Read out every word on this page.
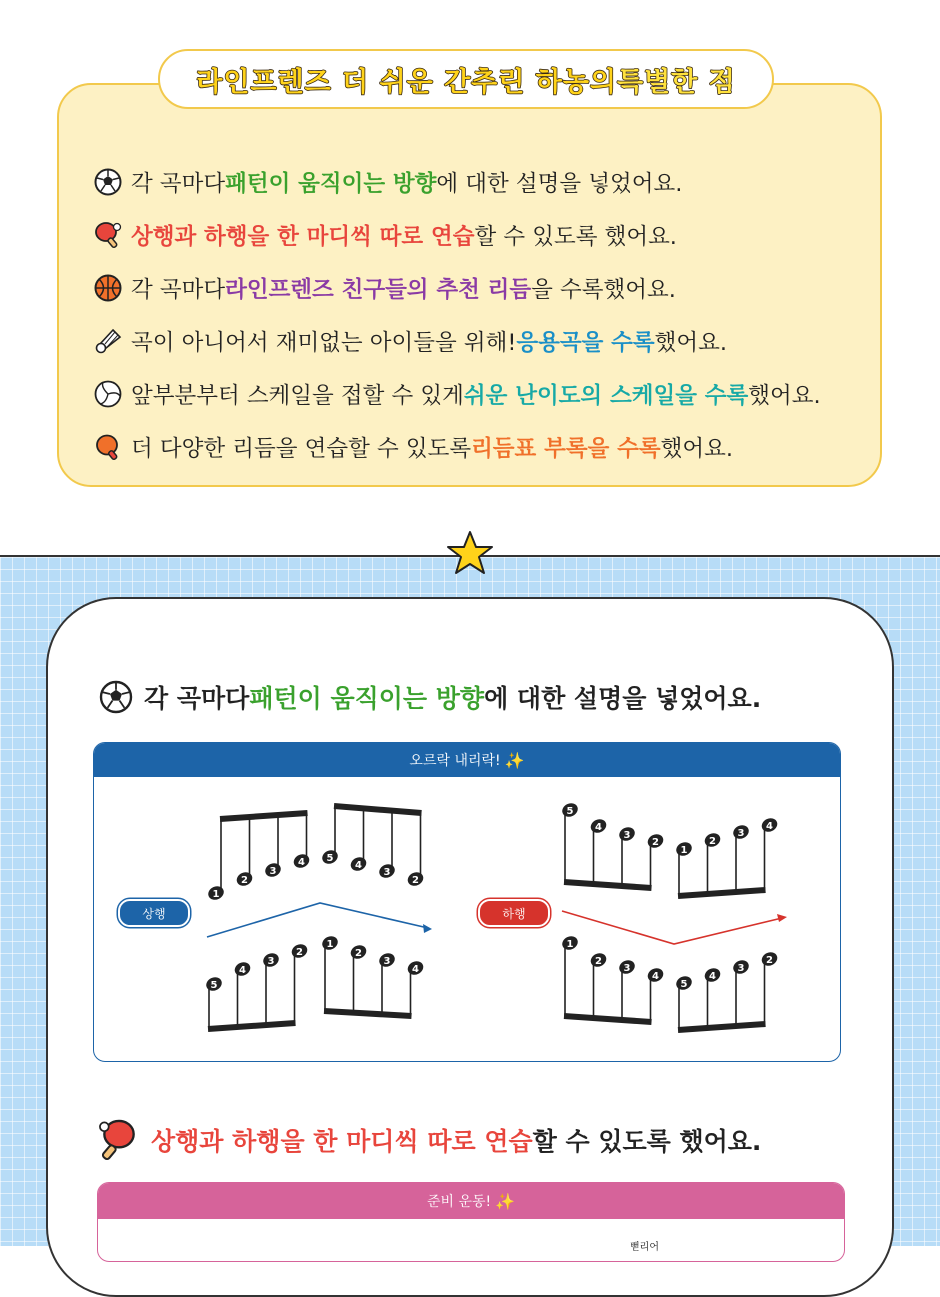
라인프렌즈 더 쉬운 간추린 하농의 특별한 점
각 곡마다 패턴이 움직이는 방향 에 대한 설명을 넣었어요.
상행과 하행을 한 마디씩 따로 연습 할 수 있도록 했어요.
각 곡마다 라인프렌즈 친구들의 추천 리듬 을 수록했어요.
곡이 아니어서 재미없는 아이들을 위해! 응용곡을 수록 했어요.
앞부분부터 스케일을 접할 수 있게 쉬운 난이도의 스케일을 수록 했어요.
더 다양한 리듬을 연습할 수 있도록 리듬표 부록을 수록 했어요.
각 곡마다 패턴이 움직이는 방향 에 대한 설명을 넣었어요.
오르락 내리락! ✨
상행	하행
1
2
3
4 5
4
3
2
5
4
3
2
1
2
3
4
5
4
3
2
1
2
3
4
1
2
3
4
5
4
3
2
상행과 하행을 한 마디씩 따로 연습 할 수 있도록 했어요.
준비 운동! ✨
뻗리어
